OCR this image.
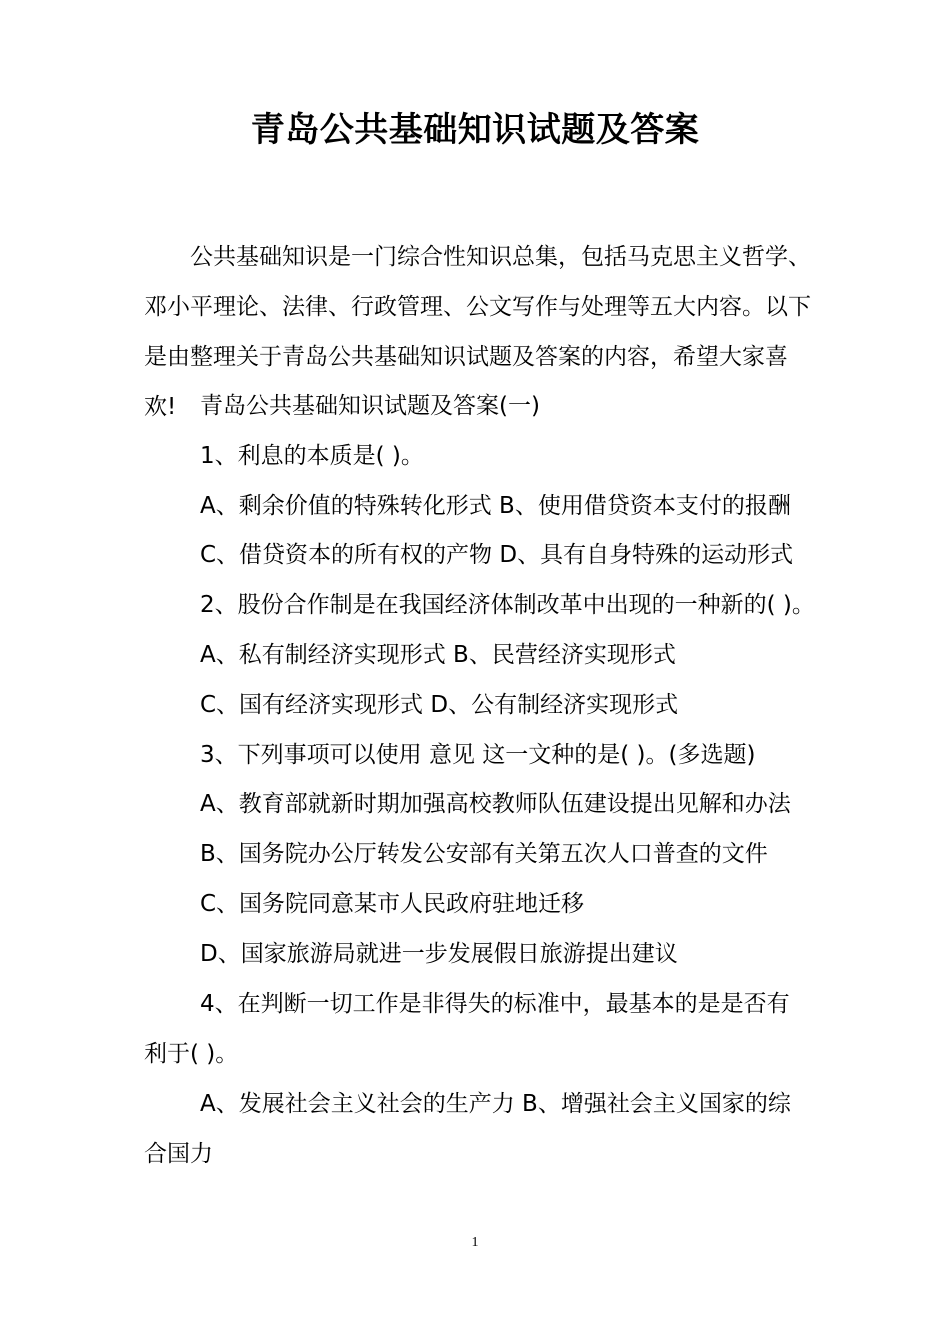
青岛公共基础知识试题及答案

公共基础知识是一门综合性知识总集，包括马克思主义哲学、邓小平理论、法律、行政管理、公文写作与处理等五大内容。以下是由整理关于青岛公共基础知识试题及答案的内容，希望大家喜欢!	青岛公共基础知识试题及答案(一)

1、利息的本质是( )。

A、剩余价值的特殊转化形式 B、使用借贷资本支付的报酬

C、借贷资本的所有权的产物 D、具有自身特殊的运动形式

2、股份合作制是在我国经济体制改革中出现的一种新的( )。

A、私有制经济实现形式 B、民营经济实现形式

C、国有经济实现形式 D、公有制经济实现形式

3、下列事项可以使用 意见 这一文种的是( )。(多选题)

A、教育部就新时期加强高校教师队伍建设提出见解和办法

B、国务院办公厅转发公安部有关第五次人口普查的文件

C、国务院同意某市人民政府驻地迁移

D、国家旅游局就进一步发展假日旅游提出建议

4、在判断一切工作是非得失的标准中，最基本的是是否有利于( )。

A、发展社会主义社会的生产力 B、增强社会主义国家的综合国力

1
